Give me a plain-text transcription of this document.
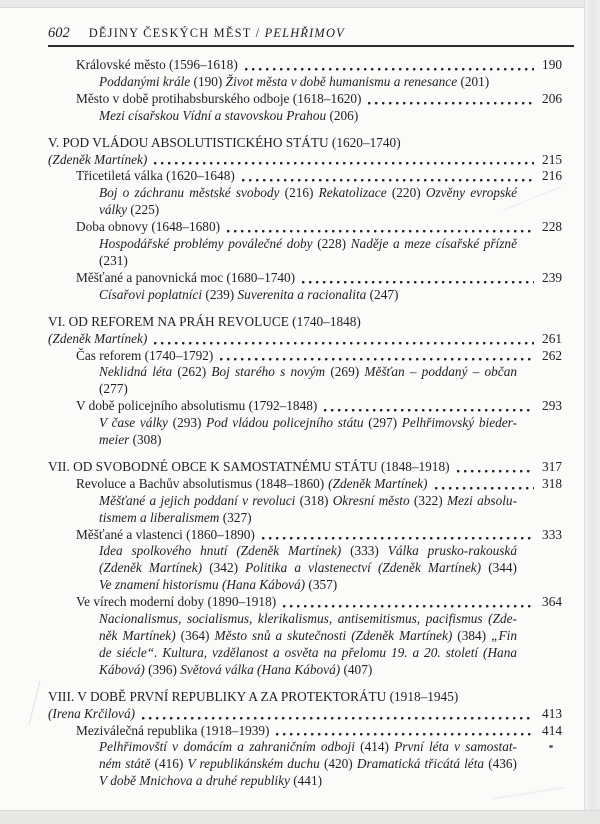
602 DĚJINY ČESKÝCH MĚST / PELHŘIMOV
Královské město (1596–1618)	190
Poddanými krále (190) Život města v době humanismu a renesance (201)
Město v době protihabsburského odboje (1618–1620)	206
Mezi císařskou Vídní a stavovskou Prahou (206)
V. POD VLÁDOU ABSOLUTISTICKÉHO STÁTU (1620–1740)
(Zdeněk Martínek)	215
Třicetiletá válka (1620–1648)	216
Boj o záchranu městské svobody (216) Rekatolizace (220) Ozvěny evropské
války (225)
Doba obnovy (1648–1680)	228
Hospodářské problémy poválečné doby (228) Naděje a meze císařské přízně
(231)
Měšťané a panovnická moc (1680–1740)	239
Císařovi poplatníci (239) Suverenita a racionalita (247)
VI. OD REFOREM NA PRÁH REVOLUCE (1740–1848)
(Zdeněk Martínek)	261
Čas reforem (1740–1792)	262
Neklidná léta (262) Boj starého s novým (269) Měšťan – poddaný – občan
(277)
V době policejního absolutismu (1792–1848)	293
V čase války (293) Pod vládou policejního státu (297) Pelhřimovský bieder-
meier (308)
VII. OD SVOBODNÉ OBCE K SAMOSTATNÉMU STÁTU (1848–1918)	317
Revoluce a Bachův absolutismus (1848–1860) (Zdeněk Martínek)	318
Měšťané a jejich poddaní v revoluci (318) Okresní město (322) Mezi absolu-
tismem a liberalismem (327)
Měšťané a vlastenci (1860–1890)	333
Idea spolkového hnutí (Zdeněk Martínek) (333) Válka prusko-rakouská
(Zdeněk Martínek) (342) Politika a vlastenectví (Zdeněk Martínek) (344)
Ve znamení historismu (Hana Kábová) (357)
Ve vírech moderní doby (1890–1918)	364
Nacionalismus, socialismus, klerikalismus, antisemitismus, pacifismus (Zde-
něk Martínek) (364) Město snů a skutečnosti (Zdeněk Martínek) (384) „Fin
de siécle“. Kultura, vzdělanost a osvěta na přelomu 19. a 20. století (Hana
Kábová) (396) Světová válka (Hana Kábová) (407)
VIII. V DOBĚ PRVNÍ REPUBLIKY A ZA PROTEKTORÁTU (1918–1945)
(Irena Krčilová)	413
Meziválečná republika (1918–1939)	414
Pelhřimovští v domácím a zahraničním odboji (414) První léta v samostat-
ném státě (416) V republikánském duchu (420) Dramatická třicátá léta (436)
V době Mnichova a druhé republiky (441)
